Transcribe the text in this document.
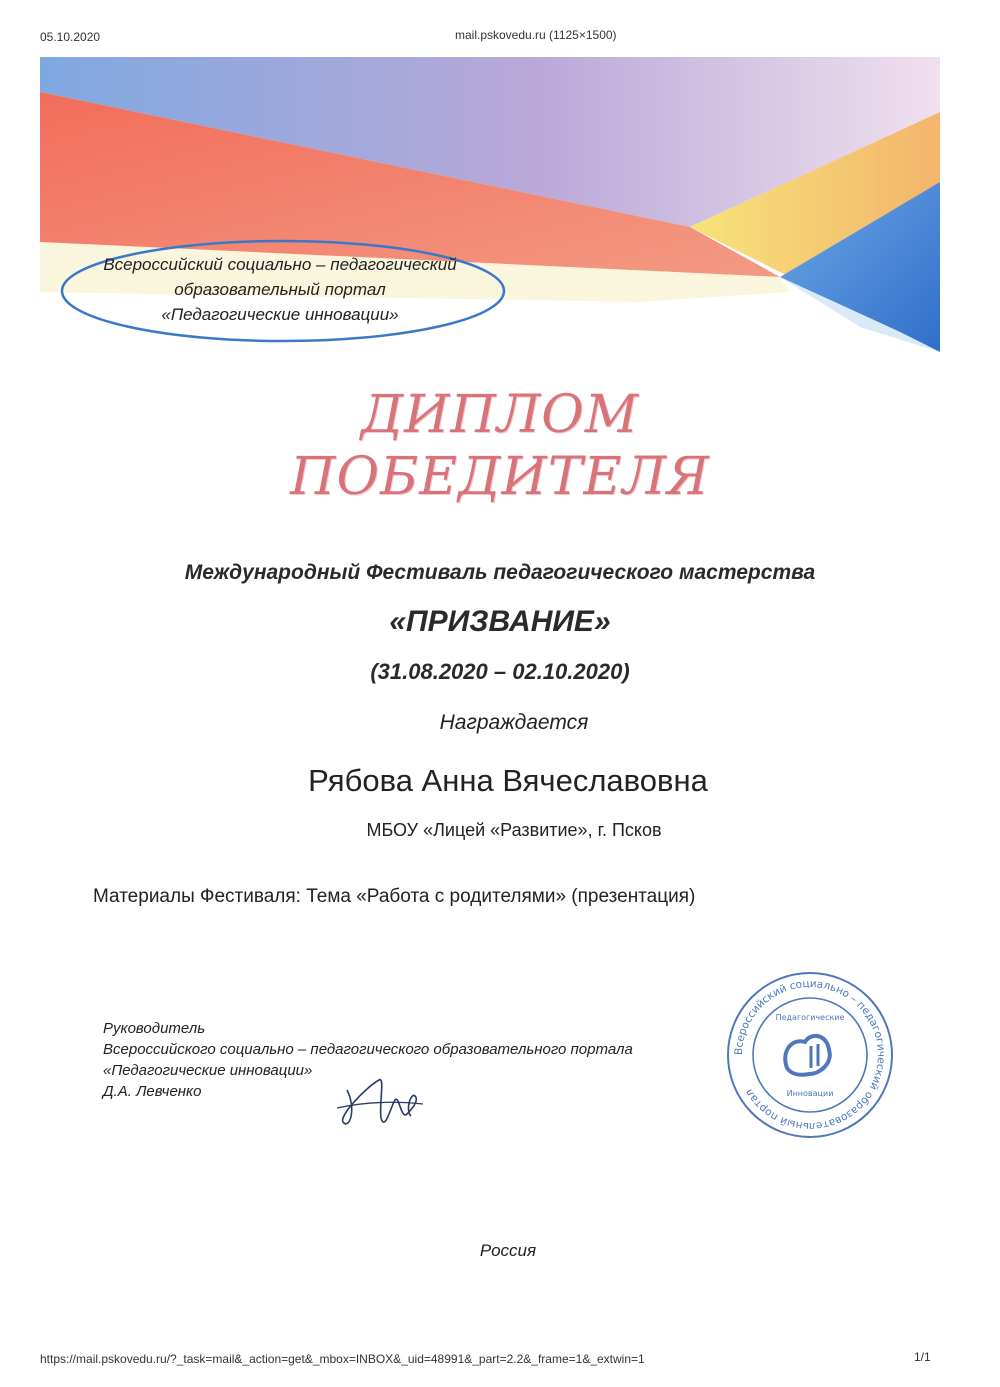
05.10.2020	mail.pskovedu.ru (1125×1500)
Всероссийский социально – педагогический
образовательный портал
«Педагогические инновации»
ДИПЛОМ
ПОБЕДИТЕЛЯ
Международный Фестиваль педагогического мастерства
«ПРИЗВАНИЕ»
(31.08.2020 – 02.10.2020)
Награждается
Рябова Анна Вячеславовна
МБОУ «Лицей «Развитие», г. Псков
Материалы Фестиваля: Тема «Работа с родителями» (презентация)
Руководитель
Всероссийского социально – педагогического образовательного портала
«Педагогические инновации»
Д.А. Левченко
Всероссийский социально – педагогический образовательный портал
Педагогические
Инновации
Россия
https://mail.pskovedu.ru/?_task=mail&_action=get&_mbox=INBOX&_uid=48991&_part=2.2&_frame=1&_extwin=1	1/1
